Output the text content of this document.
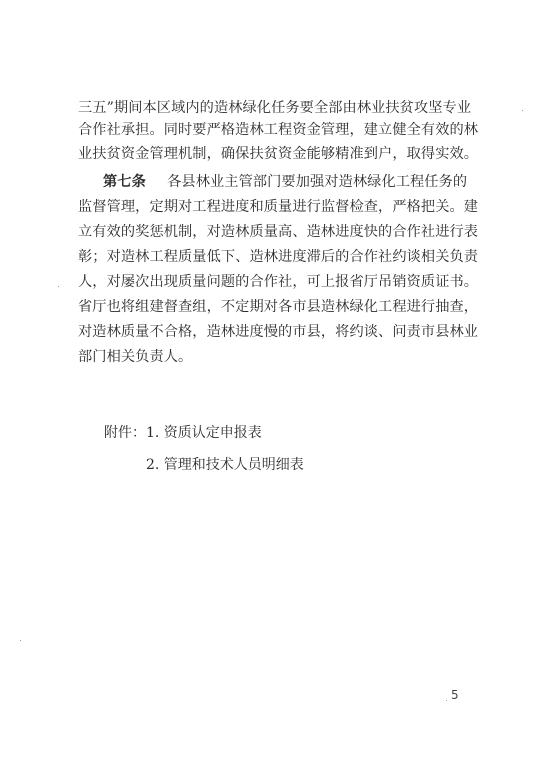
三五”期间本区域内的造林绿化任务要全部由林业扶贫攻坚专业
合作社承担。同时要严格造林工程资金管理，建立健全有效的林
业扶贫资金管理机制，确保扶贫资金能够精准到户，取得实效。
第七条 各县林业主管部门要加强对造林绿化工程任务的
监督管理，定期对工程进度和质量进行监督检查，严格把关。建
立有效的奖惩机制，对造林质量高、造林进度快的合作社进行表
彰；对造林工程质量低下、造林进度滞后的合作社约谈相关负责
人，对屡次出现质量问题的合作社，可上报省厅吊销资质证书。
省厅也将组建督查组，不定期对各市县造林绿化工程进行抽查，
对造林质量不合格，造林进度慢的市县，将约谈、问责市县林业
部门相关负责人。
附件： 1. 资质认定申报表
2. 管理和技术人员明细表
5
